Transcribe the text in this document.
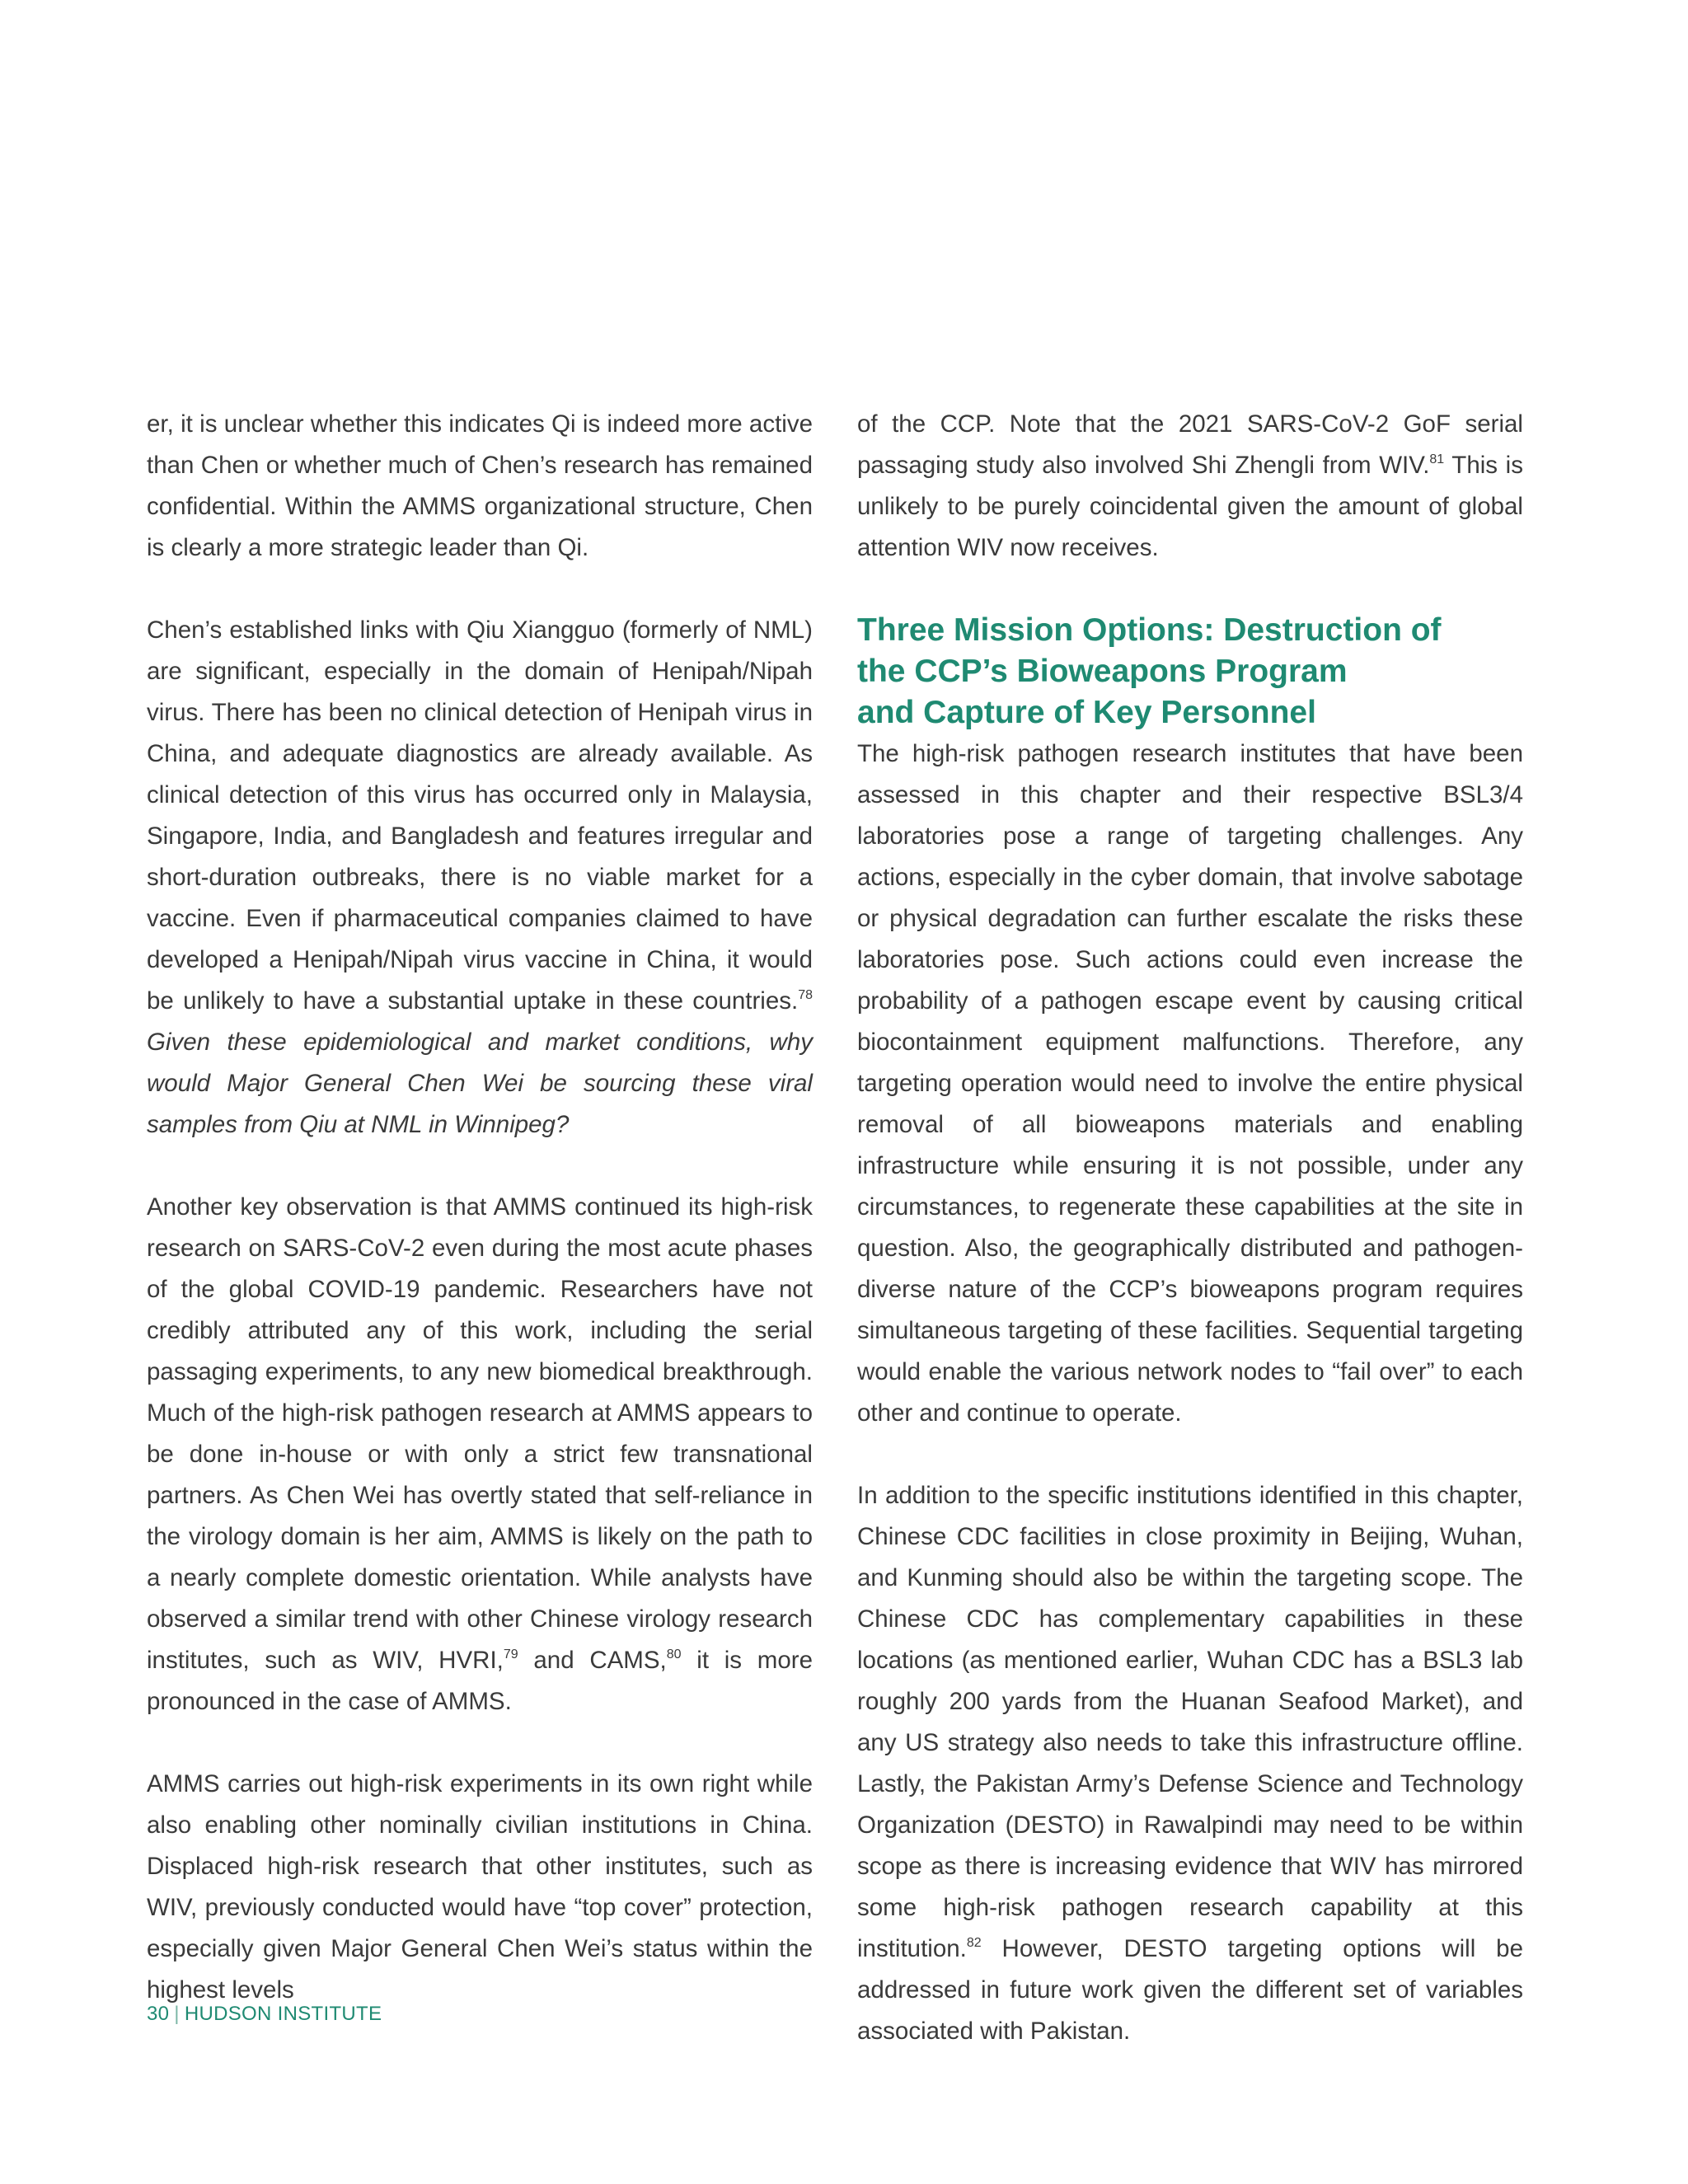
er, it is unclear whether this indicates Qi is indeed more active than Chen or whether much of Chen’s research has remained confidential. Within the AMMS organizational structure, Chen is clearly a more strategic leader than Qi.

Chen’s established links with Qiu Xiangguo (formerly of NML) are significant, especially in the domain of Henipah/Nipah virus. There has been no clinical detection of Henipah virus in China, and adequate diagnostics are already available. As clinical detection of this virus has occurred only in Malaysia, Singapore, India, and Bangladesh and features irregular and short-duration outbreaks, there is no viable market for a vaccine. Even if pharmaceutical companies claimed to have developed a Henipah/Nipah virus vaccine in China, it would be unlikely to have a substantial uptake in these countries.$^{78}$ Given these epidemiological and market conditions, why would Major General Chen Wei be sourcing these viral samples from Qiu at NML in Winnipeg?

Another key observation is that AMMS continued its high-risk research on SARS-CoV-2 even during the most acute phases of the global COVID-19 pandemic. Researchers have not credibly attributed any of this work, including the serial passaging experiments, to any new biomedical breakthrough. Much of the high-risk pathogen research at AMMS appears to be done in-house or with only a strict few transnational partners. As Chen Wei has overtly stated that self-reliance in the virology domain is her aim, AMMS is likely on the path to a nearly complete domestic orientation. While analysts have observed a similar trend with other Chinese virology research institutes, such as WIV, HVRI,$^{79}$ and CAMS,$^{80}$ it is more pronounced in the case of AMMS.

AMMS carries out high-risk experiments in its own right while also enabling other nominally civilian institutions in China. Displaced high-risk research that other institutes, such as WIV, previously conducted would have “top cover” protection, especially given Major General Chen Wei’s status within the highest levels

of the CCP. Note that the 2021 SARS-CoV-2 GoF serial passaging study also involved Shi Zhengli from WIV.$^{81}$ This is unlikely to be purely coincidental given the amount of global attention WIV now receives.

Three Mission Options: Destruction of
the CCP’s Bioweapons Program
and Capture of Key Personnel

The high-risk pathogen research institutes that have been assessed in this chapter and their respective BSL3/4 laboratories pose a range of targeting challenges. Any actions, especially in the cyber domain, that involve sabotage or physical degradation can further escalate the risks these laboratories pose. Such actions could even increase the probability of a pathogen escape event by causing critical biocontainment equipment malfunctions. Therefore, any targeting operation would need to involve the entire physical removal of all bioweapons materials and enabling infrastructure while ensuring it is not possible, under any circumstances, to regenerate these capabilities at the site in question. Also, the geographically distributed and pathogen-diverse nature of the CCP’s bioweapons program requires simultaneous targeting of these facilities. Sequential targeting would enable the various network nodes to “fail over” to each other and continue to operate.

In addition to the specific institutions identified in this chapter, Chinese CDC facilities in close proximity in Beijing, Wuhan, and Kunming should also be within the targeting scope. The Chinese CDC has complementary capabilities in these locations (as mentioned earlier, Wuhan CDC has a BSL3 lab roughly 200 yards from the Huanan Seafood Market), and any US strategy also needs to take this infrastructure offline. Lastly, the Pakistan Army’s Defense Science and Technology Organization (DESTO) in Rawalpindi may need to be within scope as there is increasing evidence that WIV has mirrored some high-risk pathogen research capability at this institution.$^{82}$ However, DESTO targeting options will be addressed in future work given the different set of variables associated with Pakistan.

30 | HUDSON INSTITUTE
